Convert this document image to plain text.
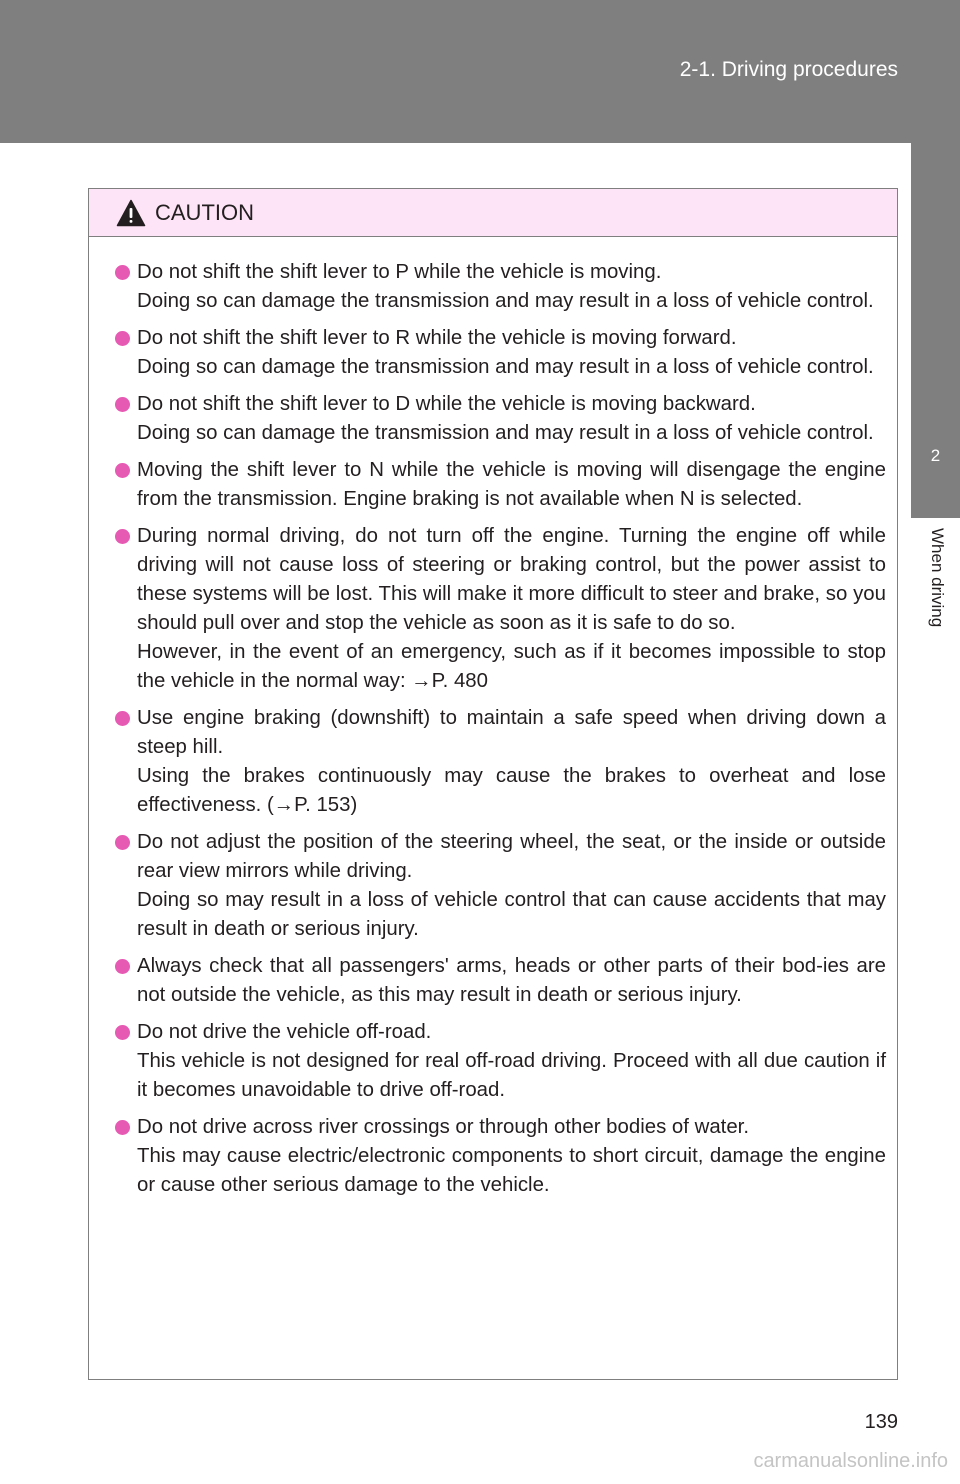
2-1. Driving procedures
2
When driving
CAUTION

Do not shift the shift lever to P while the vehicle is moving.

Doing so can damage the transmission and may result in a loss of vehicle control.

Do not shift the shift lever to R while the vehicle is moving forward.

Doing so can damage the transmission and may result in a loss of vehicle control.

Do not shift the shift lever to D while the vehicle is moving backward.

Doing so can damage the transmission and may result in a loss of vehicle control.

Moving the shift lever to N while the vehicle is moving will disengage the engine from the transmission. Engine braking is not available when N is selected.

During normal driving, do not turn off the engine. Turning the engine off while driving will not cause loss of steering or braking control, but the power assist to these systems will be lost. This will make it more difficult to steer and brake, so you should pull over and stop the vehicle as soon as it is safe to do so.

However, in the event of an emergency, such as if it becomes impossible to stop the vehicle in the normal way: →P. 480

Use engine braking (downshift) to maintain a safe speed when driving down a steep hill.

Using the brakes continuously may cause the brakes to overheat and lose effectiveness. (→P. 153)

Do not adjust the position of the steering wheel, the seat, or the inside or outside rear view mirrors while driving.

Doing so may result in a loss of vehicle control that can cause accidents that may result in death or serious injury.

Always check that all passengers' arms, heads or other parts of their bod-ies are not outside the vehicle, as this may result in death or serious injury.

Do not drive the vehicle off-road.

This vehicle is not designed for real off-road driving. Proceed with all due caution if it becomes unavoidable to drive off-road.

Do not drive across river crossings or through other bodies of water.

This may cause electric/electronic components to short circuit, damage the engine or cause other serious damage to the vehicle.

139
carmanualsonline.info
